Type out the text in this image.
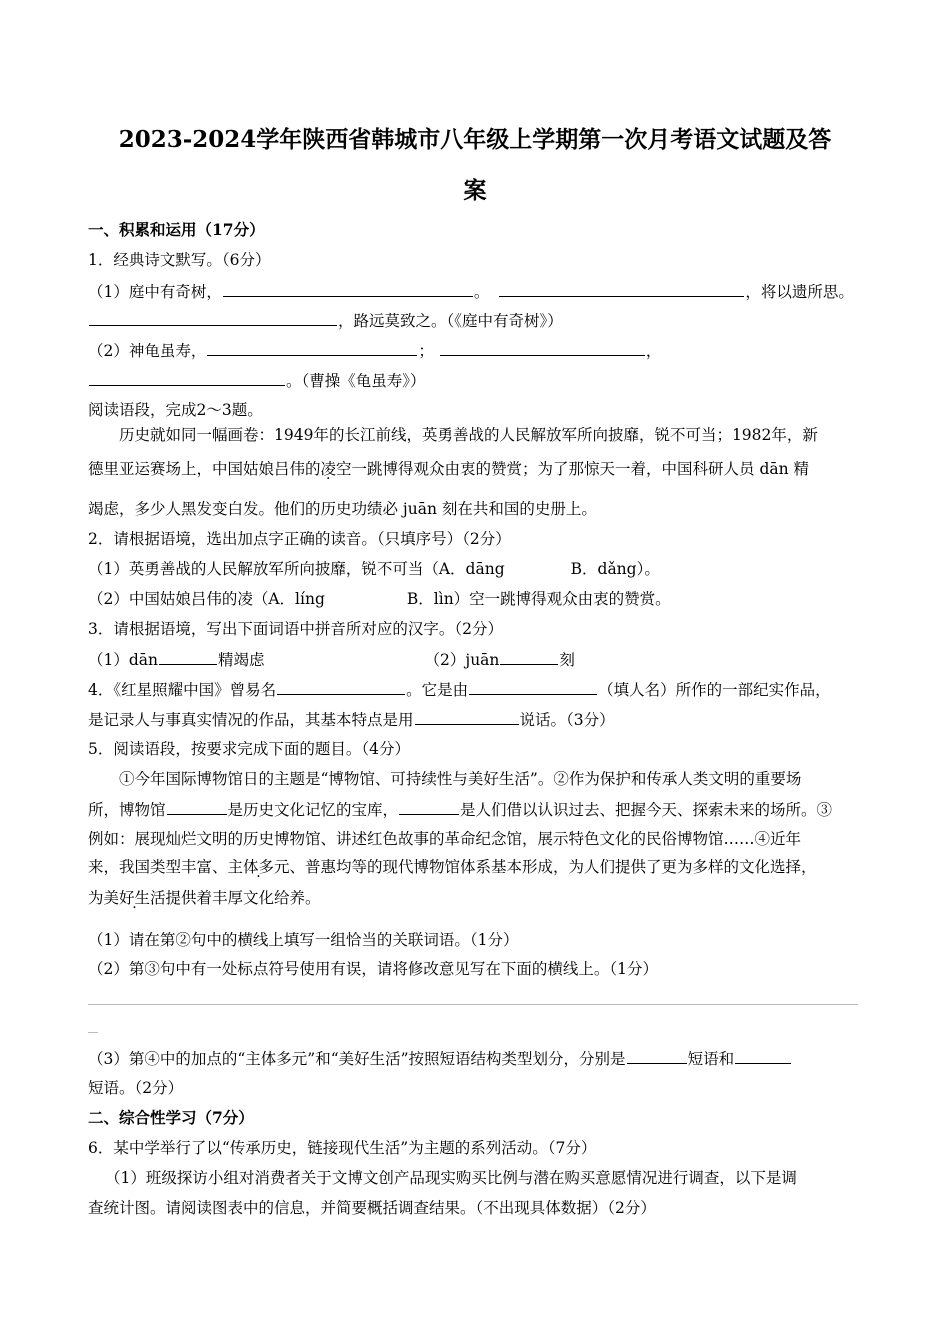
2023-2024学年陕西省韩城市八年级上学期第一次月考语文试题及答
案
一、积累和运用（17分）
1．经典诗文默写。（6分）
（1）庭中有奇树，	。	，将以遗所思。
，路远莫致之。（《庭中有奇树》）
（2）神龟虽寿，	；	，
。（曹操《龟虽寿》）
阅读语段，完成2～3题。
历史就如同一幅画卷：1949年的长江前线，英勇善战的人民解放军所向披靡，锐不可当；1982年，新
德里亚运赛场上，中国姑娘吕伟的凌空一跳博得观众由衷的赞赏；为了那惊天一着，中国科研人员 dān 精
竭虑，多少人黑发变白发。他们的历史功绩必 juān 刻在共和国的史册上。
2．请根据语境，选出加点字正确的读音。（只填序号）（2分）
（1）英勇善战的人民解放军所向披靡，锐不可当（A．dāng	B．dǎng）。
（2）中国姑娘吕伟的凌（A．líng	B．lìn）空一跳博得观众由衷的赞赏。
3．请根据语境，写出下面词语中拼音所对应的汉字。（2分）
（1）dān	精竭虑	（2）juān	刻
4．《红星照耀中国》曾易名	。它是由	（填人名）所作的一部纪实作品，
是记录人与事真实情况的作品，其基本特点是用	说话。（3分）
5．阅读语段，按要求完成下面的题目。（4分）
①今年国际博物馆日的主题是“博物馆、可持续性与美好生活”。②作为保护和传承人类文明的重要场
所，博物馆	是历史文化记忆的宝库，	是人们借以认识过去、把握今天、探索未来的场所。③
例如：展现灿烂文明的历史博物馆、讲述红色故事的革命纪念馆，展示特色文化的民俗博物馆……④近年
来，我国类型丰富、主体多元、普惠均等的现代博物馆体系基本形成，为人们提供了更为多样的文化选择，
为美好生活提供着丰厚文化给养。
（1）请在第②句中的横线上填写一组恰当的关联词语。（1分）
（2）第③句中有一处标点符号使用有误，请将修改意见写在下面的横线上。（1分）
（3）第④中的加点的“主体多元”和“美好生活”按照短语结构类型划分，分别是	短语和
短语。（2分）
二、综合性学习（7分）
6．某中学举行了以“传承历史，链接现代生活”为主题的系列活动。（7分）
（1）班级探访小组对消费者关于文博文创产品现实购买比例与潜在购买意愿情况进行调查，以下是调
查统计图。请阅读图表中的信息，并简要概括调查结果。（不出现具体数据）（2分）
